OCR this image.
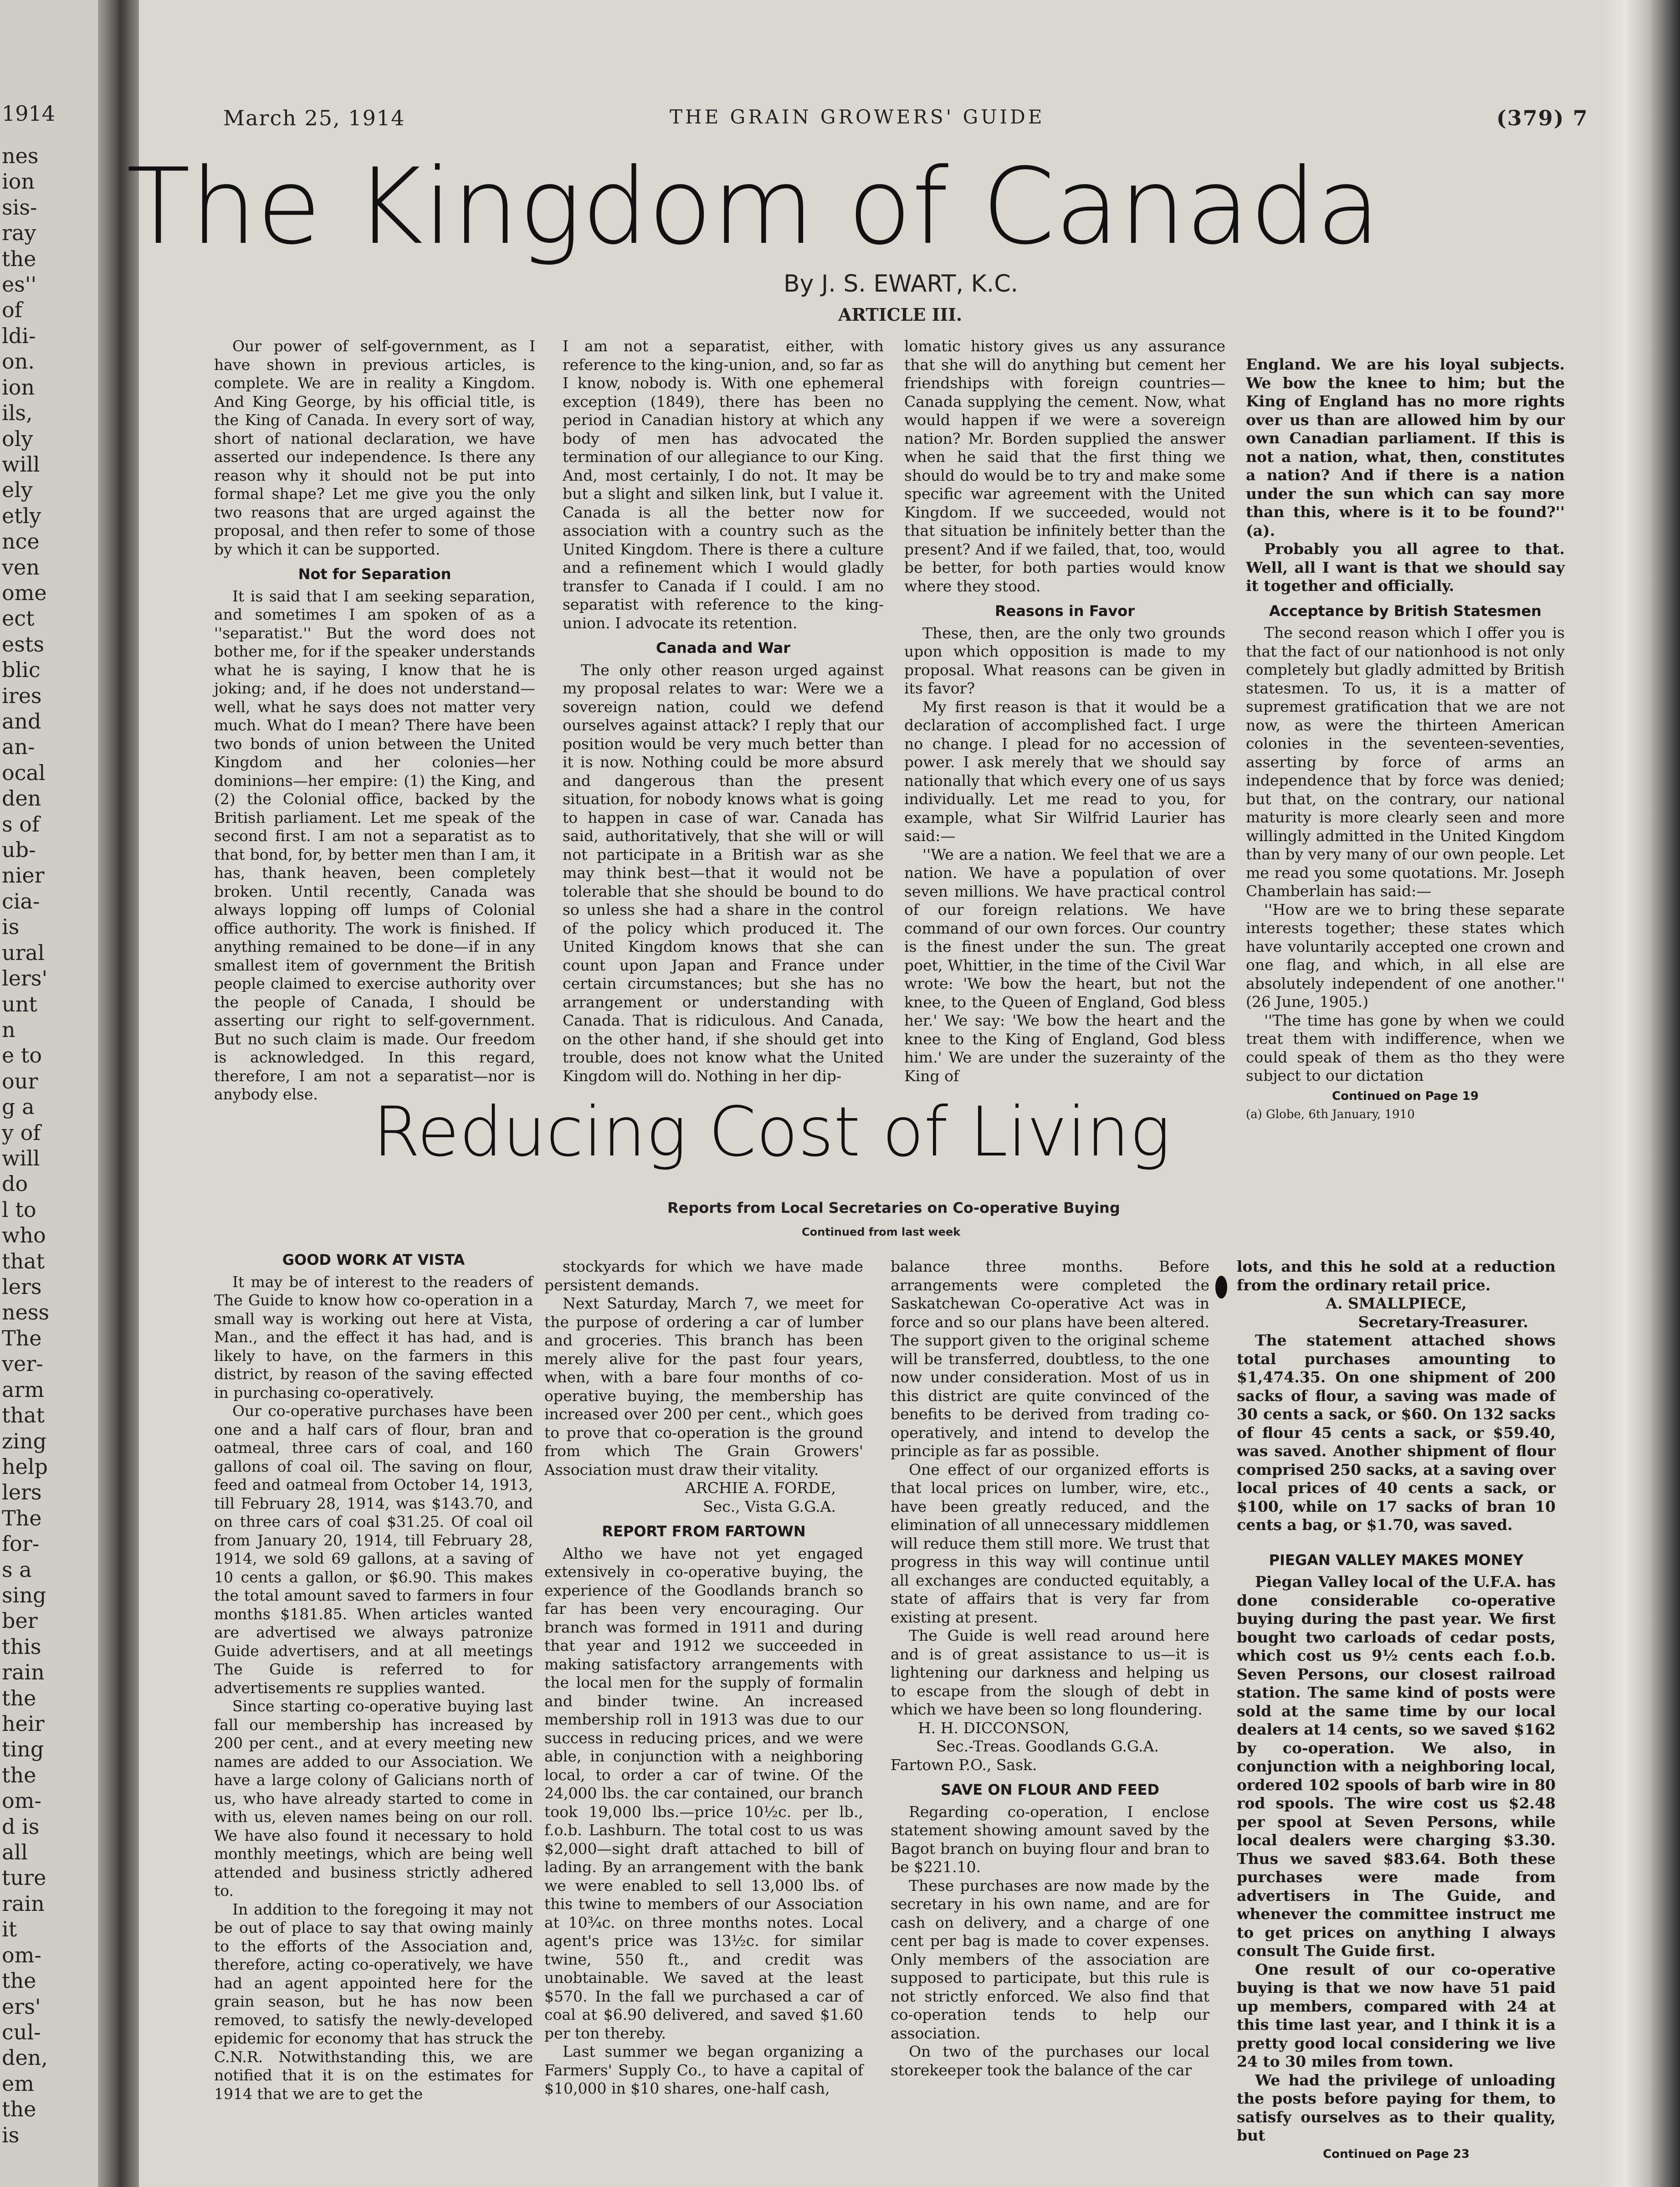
1914
nes
ion
sis-
ray
the
es''
of
ldi-
on.
ion
ils,
oly
will
ely
etly
nce
ven
ome
ect
ests
blic
ires
and
an-
ocal
den
s of
ub-
nier
cia-
is
ural
lers'
unt
n
e to
our
g a
y of
will
do
l to
who
that
lers
ness
The
ver-
arm
that
zing
help
lers
The
for-
s a
sing
ber
this
rain
the
heir
ting
the
om-
d is
all
ture
rain
it
om-
the
ers'
cul-
den,
em
the
is
March 25, 1914	THE GRAIN GROWERS' GUIDE	(379) 7
The Kingdom of Canada
By J. S. EWART, K.C.
ARTICLE III.

Our power of self-government, as I have shown in previous articles, is complete. We are in reality a Kingdom. And King George, by his official title, is the King of Canada. In every sort of way, short of national declaration, we have asserted our independence. Is there any reason why it should not be put into formal shape? Let me give you the only two reasons that are urged against the proposal, and then refer to some of those by which it can be supported.

Not for Separation

It is said that I am seeking separation, and sometimes I am spoken of as a ''separatist.'' But the word does not bother me, for if the speaker understands what he is saying, I know that he is joking; and, if he does not understand—well, what he says does not matter very much. What do I mean? There have been two bonds of union between the United Kingdom and her colonies—her dominions—her empire: (1) the King, and (2) the Colonial office, backed by the British parliament. Let me speak of the second first. I am not a separatist as to that bond, for, by better men than I am, it has, thank heaven, been completely broken. Until recently, Canada was always lopping off lumps of Colonial office authority. The work is finished. If anything remained to be done—if in any smallest item of government the British people claimed to exercise authority over the people of Canada, I should be asserting our right to self-government. But no such claim is made. Our freedom is acknowledged. In this regard, therefore, I am not a separatist—nor is anybody else.

I am not a separatist, either, with reference to the king-union, and, so far as I know, nobody is. With one ephemeral exception (1849), there has been no period in Canadian history at which any body of men has advocated the termination of our allegiance to our King. And, most certainly, I do not. It may be but a slight and silken link, but I value it. Canada is all the better now for association with a country such as the United Kingdom. There is there a culture and a refinement which I would gladly transfer to Canada if I could. I am no separatist with reference to the king-union. I advocate its retention.

Canada and War

The only other reason urged against my proposal relates to war: Were we a sovereign nation, could we defend ourselves against attack? I reply that our position would be very much better than it is now. Nothing could be more absurd and dangerous than the present situation, for nobody knows what is going to happen in case of war. Canada has said, authoritatively, that she will or will not participate in a British war as she may think best—that it would not be tolerable that she should be bound to do so unless she had a share in the control of the policy which produced it. The United Kingdom knows that she can count upon Japan and France under certain circumstances; but she has no arrangement or understanding with Canada. That is ridiculous. And Canada, on the other hand, if she should get into trouble, does not know what the United Kingdom will do. Nothing in her dip-

lomatic history gives us any assurance that she will do anything but cement her friendships with foreign countries—Canada supplying the cement. Now, what would happen if we were a sovereign nation? Mr. Borden supplied the answer when he said that the first thing we should do would be to try and make some specific war agreement with the United Kingdom. If we succeeded, would not that situation be infinitely better than the present? And if we failed, that, too, would be better, for both parties would know where they stood.

Reasons in Favor

These, then, are the only two grounds upon which opposition is made to my proposal. What reasons can be given in its favor?

My first reason is that it would be a declaration of accomplished fact. I urge no change. I plead for no accession of power. I ask merely that we should say nationally that which every one of us says individually. Let me read to you, for example, what Sir Wilfrid Laurier has said:—

''We are a nation. We feel that we are a nation. We have a population of over seven millions. We have practical control of our foreign relations. We have command of our own forces. Our country is the finest under the sun. The great poet, Whittier, in the time of the Civil War wrote: 'We bow the heart, but not the knee, to the Queen of England, God bless her.' We say: 'We bow the heart and the knee to the King of England, God bless him.' We are under the suzerainty of the King of

England. We are his loyal subjects. We bow the knee to him; but the King of England has no more rights over us than are allowed him by our own Canadian parliament. If this is not a nation, what, then, constitutes a nation? And if there is a nation under the sun which can say more than this, where is it to be found?'' (a).

Probably you all agree to that. Well, all I want is that we should say it together and officially.

Acceptance by British Statesmen

The second reason which I offer you is that the fact of our nationhood is not only completely but gladly admitted by British statesmen. To us, it is a matter of supremest gratification that we are not now, as were the thirteen American colonies in the seventeen-seventies, asserting by force of arms an independence that by force was denied; but that, on the contrary, our national maturity is more clearly seen and more willingly admitted in the United Kingdom than by very many of our own people. Let me read you some quotations. Mr. Joseph Chamberlain has said:—

''How are we to bring these separate interests together; these states which have voluntarily accepted one crown and one flag, and which, in all else are absolutely independent of one another.'' (26 June, 1905.)

''The time has gone by when we could treat them with indifference, when we could speak of them as tho they were subject to our dictation

Continued on Page 19
(a) Globe, 6th January, 1910
Reducing Cost of Living
Reports from Local Secretaries on Co-operative Buying
Continued from last week
GOOD WORK AT VISTA

It may be of interest to the readers of The Guide to know how co-operation in a small way is working out here at Vista, Man., and the effect it has had, and is likely to have, on the farmers in this district, by reason of the saving effected in purchasing co-operatively.

Our co-operative purchases have been one and a half cars of flour, bran and oatmeal, three cars of coal, and 160 gallons of coal oil. The saving on flour, feed and oatmeal from October 14, 1913, till February 28, 1914, was $143.70, and on three cars of coal $31.25. Of coal oil from January 20, 1914, till February 28, 1914, we sold 69 gallons, at a saving of 10 cents a gallon, or $6.90. This makes the total amount saved to farmers in four months $181.85. When articles wanted are advertised we always patronize Guide advertisers, and at all meetings The Guide is referred to for advertisements re supplies wanted.

Since starting co-operative buying last fall our membership has increased by 200 per cent., and at every meeting new names are added to our Association. We have a large colony of Galicians north of us, who have already started to come in with us, eleven names being on our roll. We have also found it necessary to hold monthly meetings, which are being well attended and business strictly adhered to.

In addition to the foregoing it may not be out of place to say that owing mainly to the efforts of the Association and, therefore, acting co-operatively, we have had an agent appointed here for the grain season, but he has now been removed, to satisfy the newly-developed epidemic for economy that has struck the C.N.R. Notwithstanding this, we are notified that it is on the estimates for 1914 that we are to get the

stockyards for which we have made persistent demands.

Next Saturday, March 7, we meet for the purpose of ordering a car of lumber and groceries. This branch has been merely alive for the past four years, when, with a bare four months of co-operative buying, the membership has increased over 200 per cent., which goes to prove that co-operation is the ground from which The Grain Growers' Association must draw their vitality.

ARCHIE A. FORDE,
Sec., Vista G.G.A.
REPORT FROM FARTOWN

Altho we have not yet engaged extensively in co-operative buying, the experience of the Goodlands branch so far has been very encouraging. Our branch was formed in 1911 and during that year and 1912 we succeeded in making satisfactory arrangements with the local men for the supply of formalin and binder twine. An increased membership roll in 1913 was due to our success in reducing prices, and we were able, in conjunction with a neighboring local, to order a car of twine. Of the 24,000 lbs. the car contained, our branch took 19,000 lbs.—price 10½c. per lb., f.o.b. Lashburn. The total cost to us was $2,000—sight draft attached to bill of lading. By an arrangement with the bank we were enabled to sell 13,000 lbs. of this twine to members of our Association at 10¾c. on three months notes. Local agent's price was 13½c. for similar twine, 550 ft., and credit was unobtainable. We saved at the least $570. In the fall we purchased a car of coal at $6.90 delivered, and saved $1.60 per ton thereby.

Last summer we began organizing a Farmers' Supply Co., to have a capital of $10,000 in $10 shares, one-half cash,

balance three months. Before arrangements were completed the Saskatchewan Co-operative Act was in force and so our plans have been altered. The support given to the original scheme will be transferred, doubtless, to the one now under consideration. Most of us in this district are quite convinced of the benefits to be derived from trading co-operatively, and intend to develop the principle as far as possible.

One effect of our organized efforts is that local prices on lumber, wire, etc., have been greatly reduced, and the elimination of all unnecessary middlemen will reduce them still more. We trust that progress in this way will continue until all exchanges are conducted equitably, a state of affairs that is very far from existing at present.

The Guide is well read around here and is of great assistance to us—it is lightening our darkness and helping us to escape from the slough of debt in which we have been so long floundering.

H. H. DICCONSON,
Sec.-Treas. Goodlands G.G.A.
Fartown P.O., Sask.
SAVE ON FLOUR AND FEED

Regarding co-operation, I enclose statement showing amount saved by the Bagot branch on buying flour and bran to be $221.10.

These purchases are now made by the secretary in his own name, and are for cash on delivery, and a charge of one cent per bag is made to cover expenses. Only members of the association are supposed to participate, but this rule is not strictly enforced. We also find that co-operation tends to help our association.

On two of the purchases our local storekeeper took the balance of the car

lots, and this he sold at a reduction from the ordinary retail price.

A. SMALLPIECE,
Secretary-Treasurer.

The statement attached shows total purchases amounting to $1,474.35. On one shipment of 200 sacks of flour, a saving was made of 30 cents a sack, or $60. On 132 sacks of flour 45 cents a sack, or $59.40, was saved. Another shipment of flour comprised 250 sacks, at a saving over local prices of 40 cents a sack, or $100, while on 17 sacks of bran 10 cents a bag, or $1.70, was saved.

PIEGAN VALLEY MAKES MONEY

Piegan Valley local of the U.F.A. has done considerable co-operative buying during the past year. We first bought two carloads of cedar posts, which cost us 9½ cents each f.o.b. Seven Persons, our closest railroad station. The same kind of posts were sold at the same time by our local dealers at 14 cents, so we saved $162 by co-operation. We also, in conjunction with a neighboring local, ordered 102 spools of barb wire in 80 rod spools. The wire cost us $2.48 per spool at Seven Persons, while local dealers were charging $3.30. Thus we saved $83.64. Both these purchases were made from advertisers in The Guide, and whenever the committee instruct me to get prices on anything I always consult The Guide first.

One result of our co-operative buying is that we now have 51 paid up members, compared with 24 at this time last year, and I think it is a pretty good local considering we live 24 to 30 miles from town.

We had the privilege of unloading the posts before paying for them, to satisfy ourselves as to their quality, but

Continued on Page 23
